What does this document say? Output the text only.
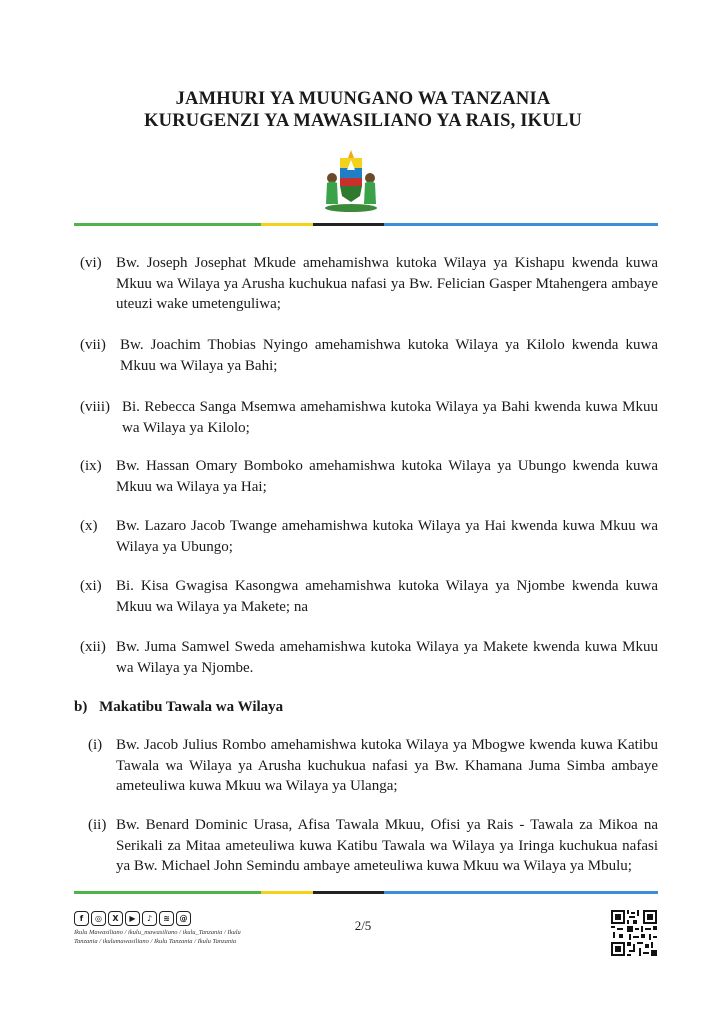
JAMHURI YA MUUNGANO WA TANZANIA
KURUGENZI YA MAWASILIANO YA RAIS, IKULU
(vi) Bw. Joseph Josephat Mkude amehamishwa kutoka Wilaya ya Kishapu kwenda kuwa Mkuu wa Wilaya ya Arusha kuchukua nafasi ya Bw. Felician Gasper Mtahengera ambaye uteuzi wake umetenguliwa;
(vii) Bw. Joachim Thobias Nyingo amehamishwa kutoka Wilaya ya Kilolo kwenda kuwa Mkuu wa Wilaya ya Bahi;
(viii) Bi. Rebecca Sanga Msemwa amehamishwa kutoka Wilaya ya Bahi kwenda kuwa Mkuu wa Wilaya ya Kilolo;
(ix) Bw. Hassan Omary Bomboko amehamishwa kutoka Wilaya ya Ubungo kwenda kuwa Mkuu wa Wilaya ya Hai;
(x) Bw. Lazaro Jacob Twange amehamishwa kutoka Wilaya ya Hai kwenda kuwa Mkuu wa Wilaya ya Ubungo;
(xi) Bi. Kisa Gwagisa Kasongwa amehamishwa kutoka Wilaya ya Njombe kwenda kuwa Mkuu wa Wilaya ya Makete; na
(xii) Bw. Juma Samwel Sweda amehamishwa kutoka Wilaya ya Makete kwenda kuwa Mkuu wa Wilaya ya Njombe.
b) Makatibu Tawala wa Wilaya
(i) Bw. Jacob Julius Rombo amehamishwa kutoka Wilaya ya Mbogwe kwenda kuwa Katibu Tawala wa Wilaya ya Arusha kuchukua nafasi ya Bw. Khamana Juma Simba ambaye ameteuliwa kuwa Mkuu wa Wilaya ya Ulanga;
(ii) Bw. Benard Dominic Urasa, Afisa Tawala Mkuu, Ofisi ya Rais - Tawala za Mikoa na Serikali za Mitaa ameteuliwa kuwa Katibu Tawala wa Wilaya ya Iringa kuchukua nafasi ya Bw. Michael John Semindu ambaye ameteuliwa kuwa Mkuu wa Wilaya ya Mbulu;
f	◎	X	▶	♪	≋	@
Ikulu Mawasiliano / ikulu_mawasiliano / ikulu_Tanzania / Ikulu Tanzania / ikulumawasiliano / Ikulu Tanzania / Ikulu Tanzania
2/5
